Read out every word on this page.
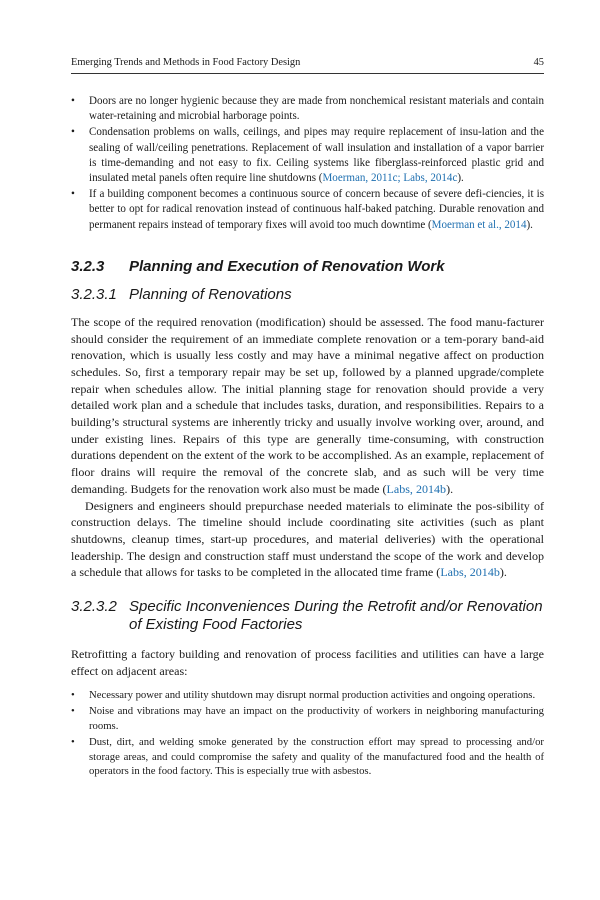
Emerging Trends and Methods in Food Factory Design	45
• Doors are no longer hygienic because they are made from nonchemical resistant materials and contain water-retaining and microbial harborage points.
• Condensation problems on walls, ceilings, and pipes may require replacement of insu-lation and the sealing of wall/ceiling penetrations. Replacement of wall insulation and installation of a vapor barrier is time-demanding and not easy to fix. Ceiling systems like fiberglass-reinforced plastic grid and insulated metal panels often require line shutdowns (Moerman, 2011c; Labs, 2014c).
• If a building component becomes a continuous source of concern because of severe defi-ciencies, it is better to opt for radical renovation instead of continuous half-baked patching. Durable renovation and permanent repairs instead of temporary fixes will avoid too much downtime (Moerman et al., 2014).
3.2.3 Planning and Execution of Renovation Work
3.2.3.1 Planning of Renovations

The scope of the required renovation (modification) should be assessed. The food manu-facturer should consider the requirement of an immediate complete renovation or a tem-porary band-aid renovation, which is usually less costly and may have a minimal negative affect on production schedules. So, first a temporary repair may be set up, followed by a planned upgrade/complete repair when schedules allow. The initial planning stage for renovation should provide a very detailed work plan and a schedule that includes tasks, duration, and responsibilities. Repairs to a building’s structural systems are inherently tricky and usually involve working over, around, and under existing lines. Repairs of this type are generally time-consuming, with construction durations dependent on the extent of the work to be accomplished. As an example, replacement of floor drains will require the removal of the concrete slab, and as such will be very time demanding. Budgets for the renovation work also must be made (Labs, 2014b).

Designers and engineers should prepurchase needed materials to eliminate the pos-sibility of construction delays. The timeline should include coordinating site activities (such as plant shutdowns, cleanup times, start-up procedures, and material deliveries) with the operational leadership. The design and construction staff must understand the scope of the work and develop a schedule that allows for tasks to be completed in the allocated time frame (Labs, 2014b).

3.2.3.2 Specific Inconveniences During the Retrofit and/or Renovation of Existing Food Factories

Retrofitting a factory building and renovation of process facilities and utilities can have a large effect on adjacent areas:

• Necessary power and utility shutdown may disrupt normal production activities and ongoing operations.
• Noise and vibrations may have an impact on the productivity of workers in neighboring manufacturing rooms.
• Dust, dirt, and welding smoke generated by the construction effort may spread to processing and/or storage areas, and could compromise the safety and quality of the manufactured food and the health of operators in the food factory. This is especially true with asbestos.
